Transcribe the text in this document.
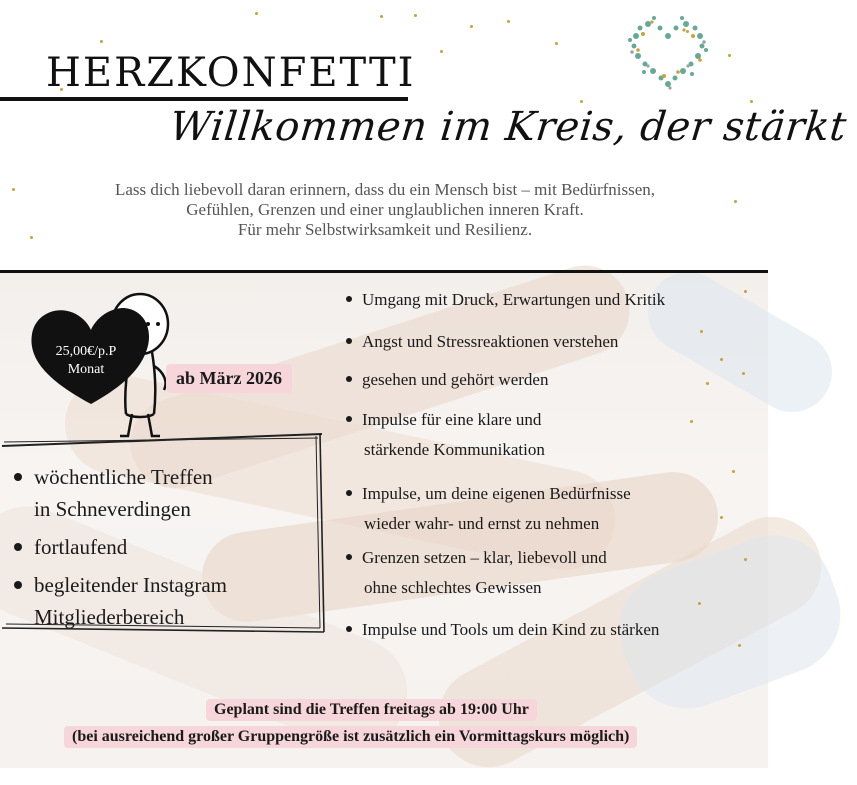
HERZKONFETTI
Willkommen im Kreis, der stärkt
Lass dich liebevoll daran erinnern, dass du ein Mensch bist – mit Bedürfnissen,
Gefühlen, Grenzen und einer unglaublichen inneren Kraft.
Für mehr Selbstwirksamkeit und Resilienz.
25,00€/p.P
Monat	ab März 2026
wöchentliche Treffen
in Schneverdingen
fortlaufend
begleitender Instagram
Mitgliederbereich
Umgang mit Druck, Erwartungen und Kritik
Angst und Stressreaktionen verstehen
gesehen und gehört werden
Impulse für eine klare und
stärkende Kommunikation
Impulse, um deine eigenen Bedürfnisse
wieder wahr- und ernst zu nehmen
Grenzen setzen – klar, liebevoll und
ohne schlechtes Gewissen
Impulse und Tools um dein Kind zu stärken
Geplant sind die Treffen freitags ab 19:00 Uhr
(bei ausreichend großer Gruppengröße ist zusätzlich ein Vormittagskurs möglich)
